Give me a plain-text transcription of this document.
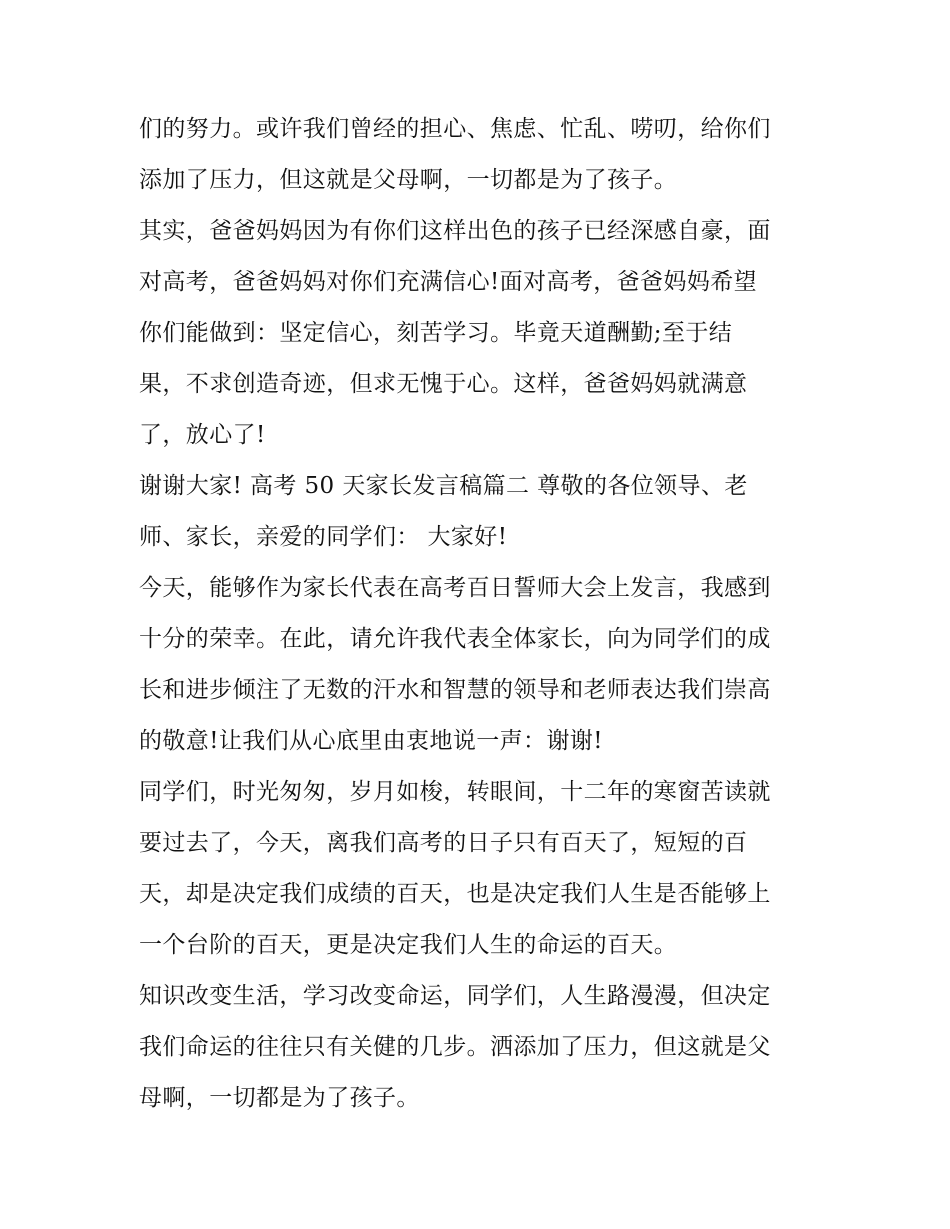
们的努力。或许我们曾经的担心、焦虑、忙乱、唠叨，给你们
添加了压力，但这就是父母啊，一切都是为了孩子。
其实，爸爸妈妈因为有你们这样出色的孩子已经深感自豪，面
对高考，爸爸妈妈对你们充满信心!面对高考，爸爸妈妈希望
你们能做到：坚定信心，刻苦学习。毕竟天道酬勤;至于结
果，不求创造奇迹，但求无愧于心。这样，爸爸妈妈就满意
了，放心了!
谢谢大家! 高考 50 天家长发言稿篇二 尊敬的各位领导、老
师、家长，亲爱的同学们： 大家好!
今天，能够作为家长代表在高考百日誓师大会上发言，我感到
十分的荣幸。在此，请允许我代表全体家长，向为同学们的成
长和进步倾注了无数的汗水和智慧的领导和老师表达我们崇高
的敬意!让我们从心底里由衷地说一声：谢谢!
同学们，时光匆匆，岁月如梭，转眼间，十二年的寒窗苦读就
要过去了，今天，离我们高考的日子只有百天了，短短的百
天，却是决定我们成绩的百天，也是决定我们人生是否能够上
一个台阶的百天，更是决定我们人生的命运的百天。
知识改变生活，学习改变命运，同学们，人生路漫漫，但决定
我们命运的往往只有关健的几步。洒添加了压力，但这就是父
母啊，一切都是为了孩子。
